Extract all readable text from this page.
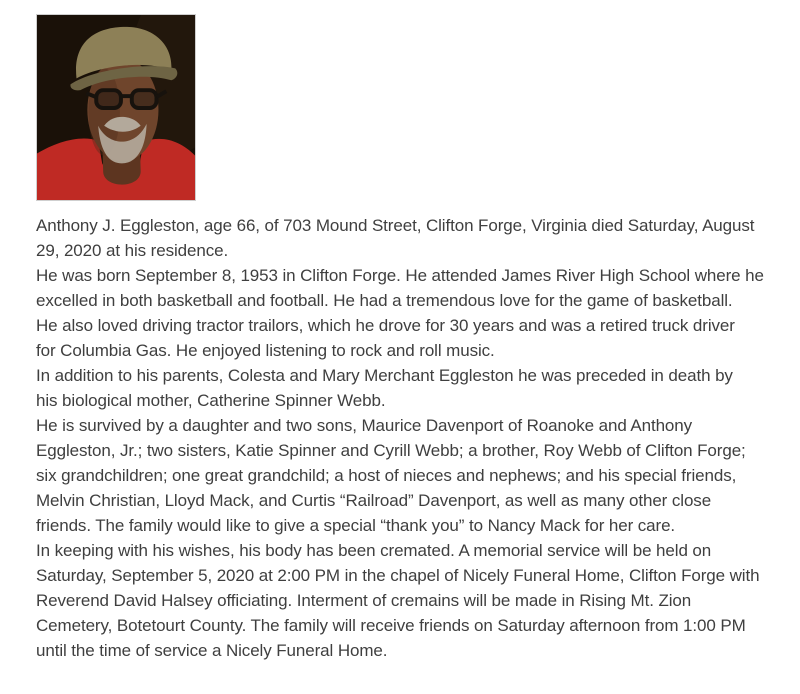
Anthony J. Eggleston, age 66, of 703 Mound Street, Clifton Forge, Virginia died Saturday, August
29, 2020 at his residence.
He was born September 8, 1953 in Clifton Forge. He attended James River High School where he
excelled in both basketball and football. He had a tremendous love for the game of basketball.
He also loved driving tractor trailors, which he drove for 30 years and was a retired truck driver
for Columbia Gas. He enjoyed listening to rock and roll music.
In addition to his parents, Colesta and Mary Merchant Eggleston he was preceded in death by
his biological mother, Catherine Spinner Webb.
He is survived by a daughter and two sons, Maurice Davenport of Roanoke and Anthony
Eggleston, Jr.; two sisters, Katie Spinner and Cyrill Webb; a brother, Roy Webb of Clifton Forge;
six grandchildren; one great grandchild; a host of nieces and nephews; and his special friends,
Melvin Christian, Lloyd Mack, and Curtis “Railroad” Davenport, as well as many other close
friends. The family would like to give a special “thank you” to Nancy Mack for her care.
In keeping with his wishes, his body has been cremated. A memorial service will be held on
Saturday, September 5, 2020 at 2:00 PM in the chapel of Nicely Funeral Home, Clifton Forge with
Reverend David Halsey officiating. Interment of cremains will be made in Rising Mt. Zion
Cemetery, Botetourt County. The family will receive friends on Saturday afternoon from 1:00 PM
until the time of service a Nicely Funeral Home.
